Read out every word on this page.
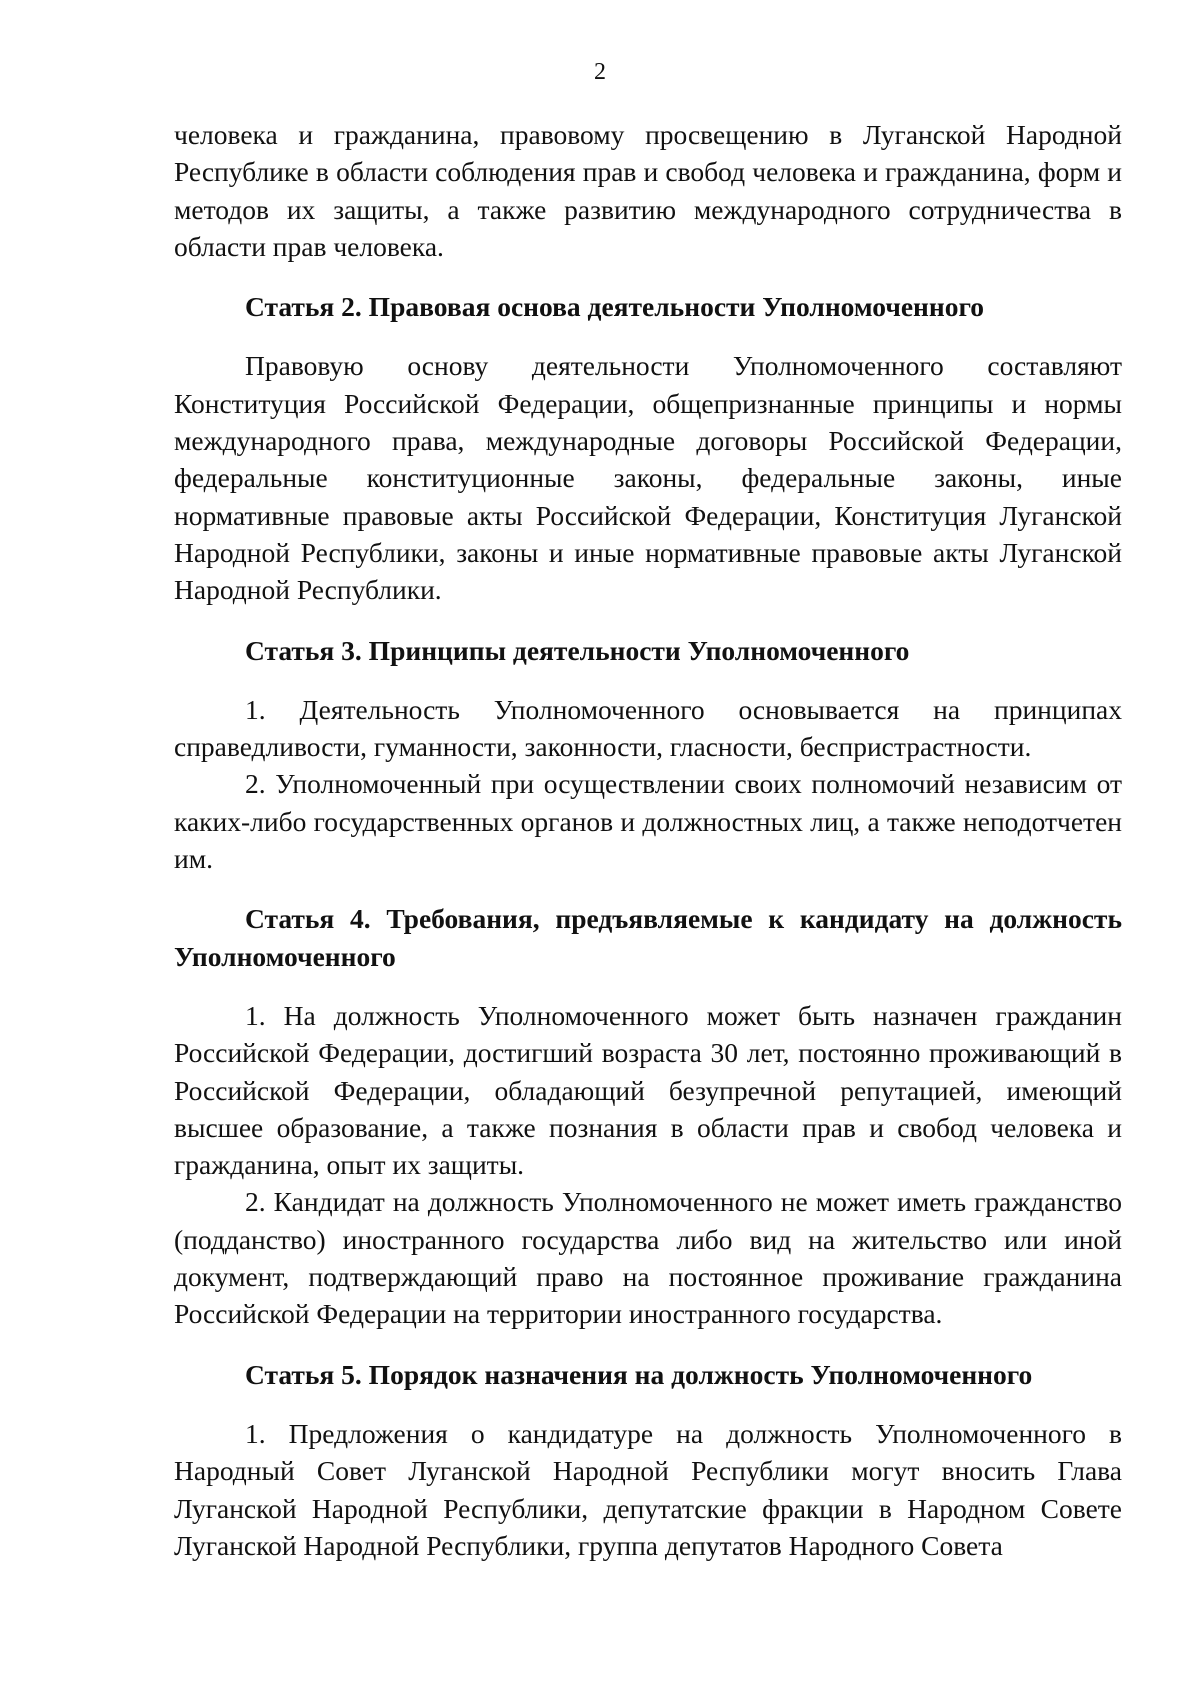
2

человека и гражданина, правовому просвещению в Луганской Народной Республике в области соблюдения прав и свобод человека и гражданина, форм и методов их защиты, а также развитию международного сотрудничества в области прав человека.

Статья 2. Правовая основа деятельности Уполномоченного

Правовую основу деятельности Уполномоченного составляют Конституция Российской Федерации, общепризнанные принципы и нормы международного права, международные договоры Российской Федерации, федеральные конституционные законы, федеральные законы, иные нормативные правовые акты Российской Федерации, Конституция Луганской Народной Республики, законы и иные нормативные правовые акты Луганской Народной Республики.

Статья 3. Принципы деятельности Уполномоченного

1. Деятельность Уполномоченного основывается на принципах справедливости, гуманности, законности, гласности, беспристрастности.

2. Уполномоченный при осуществлении своих полномочий независим от каких-либо государственных органов и должностных лиц, а также неподотчетен им.

Статья 4. Требования, предъявляемые к кандидату на должность Уполномоченного

1. На должность Уполномоченного может быть назначен гражданин Российской Федерации, достигший возраста 30 лет, постоянно проживающий в Российской Федерации, обладающий безупречной репутацией, имеющий высшее образование, а также познания в области прав и свобод человека и гражданина, опыт их защиты.

2. Кандидат на должность Уполномоченного не может иметь гражданство (подданство) иностранного государства либо вид на жительство или иной документ, подтверждающий право на постоянное проживание гражданина Российской Федерации на территории иностранного государства.

Статья 5. Порядок назначения на должность Уполномоченного

1. Предложения о кандидатуре на должность Уполномоченного в Народный Совет Луганской Народной Республики могут вносить Глава Луганской Народной Республики, депутатские фракции в Народном Совете Луганской Народной Республики, группа депутатов Народного Совета
